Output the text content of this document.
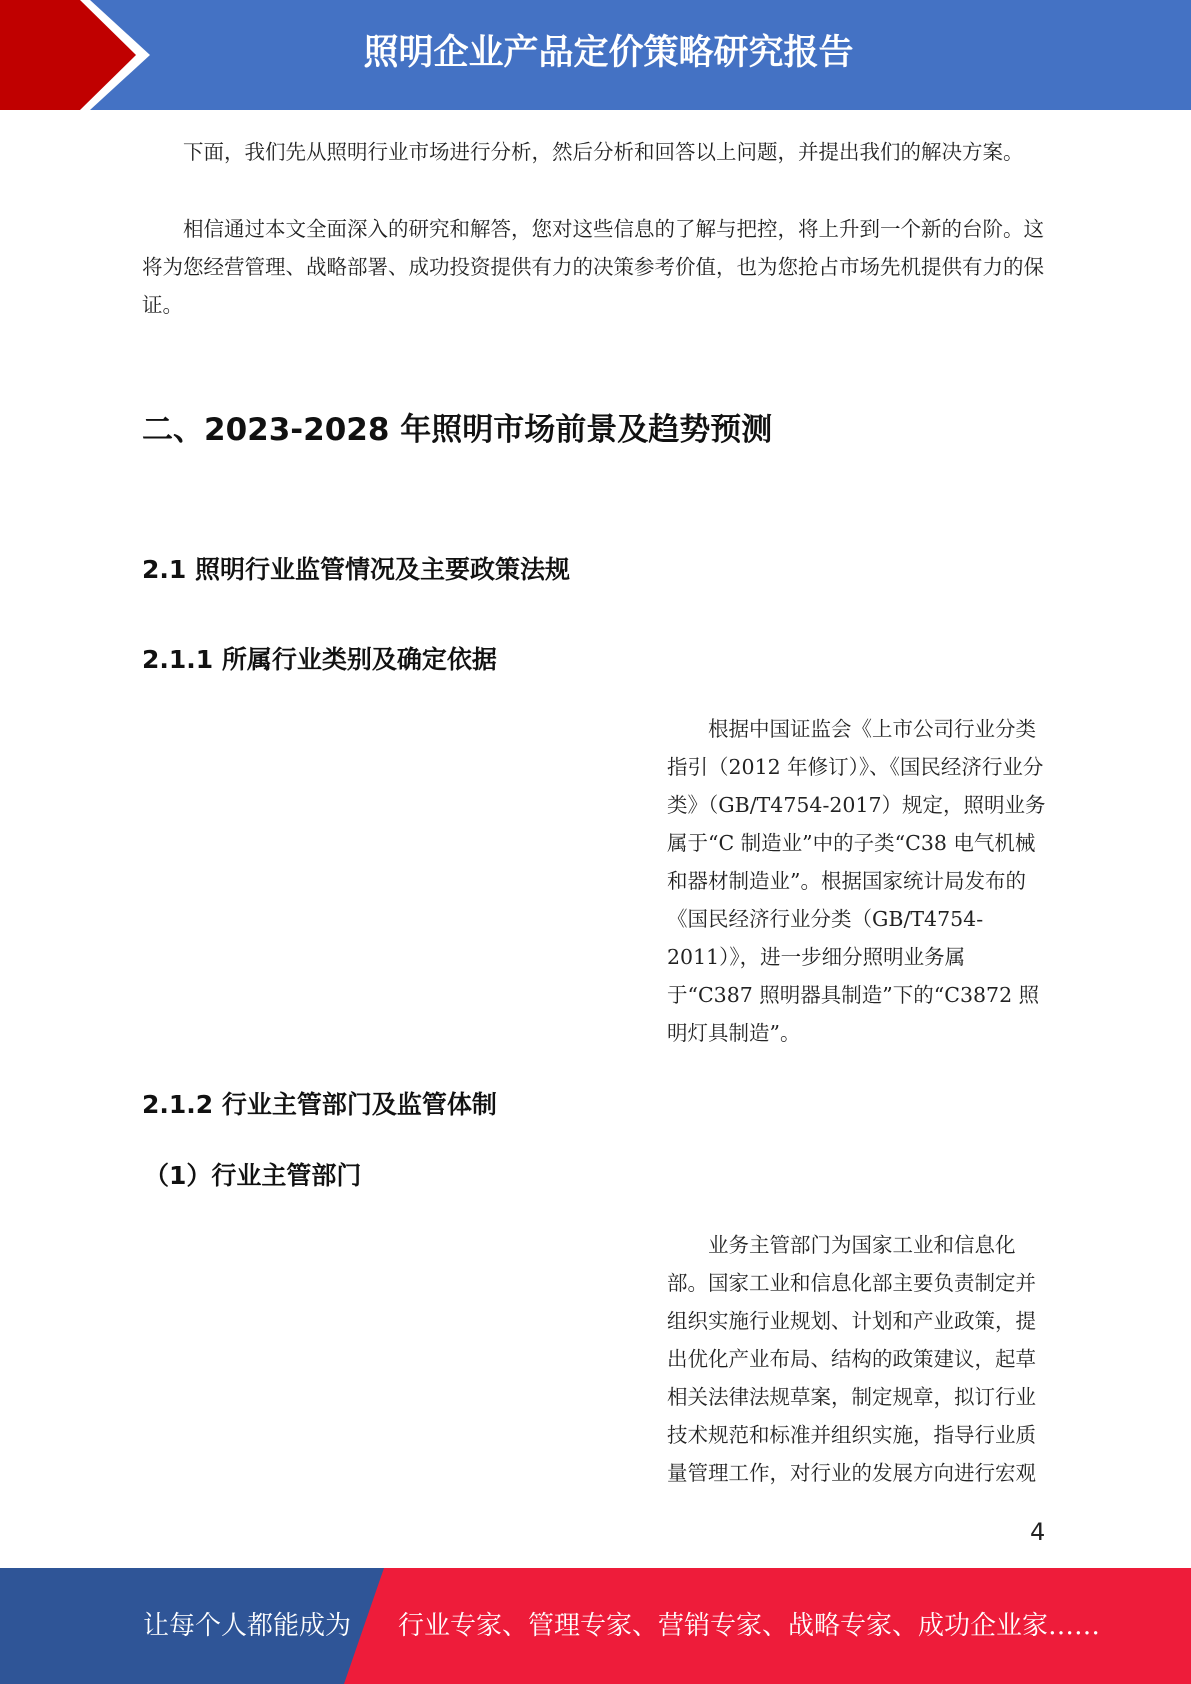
照明企业产品定价策略研究报告

下面，我们先从照明行业市场进行分析，然后分析和回答以上问题，并提出我们的解决方案。

相信通过本文全面深入的研究和解答，您对这些信息的了解与把控，将上升到一个新的台阶。这将为您经营管理、战略部署、成功投资提供有力的决策参考价值，也为您抢占市场先机提供有力的保证。

二、2023-2028 年照明市场前景及趋势预测
2.1 照明行业监管情况及主要政策法规
2.1.1 所属行业类别及确定依据

根据中国证监会《上市公司行业分类指引（2012 年修订）》、《国民经济行业分类》（GB/T4754-2017）规定，照明业务属于“C 制造业”中的子类“C38 电气机械和器材制造业”。根据国家统计局发布的《国民经济行业分类（GB/T4754-2011）》，进一步细分照明业务属于“C387 照明器具制造”下的“C3872 照明灯具制造”。

2.1.2 行业主管部门及监管体制
（1）行业主管部门

业务主管部门为国家工业和信息化部。国家工业和信息化部主要负责制定并组织实施行业规划、计划和产业政策，提出优化产业布局、结构的政策建议，起草相关法律法规草案，制定规章，拟订行业技术规范和标准并组织实施，指导行业质量管理工作，对行业的发展方向进行宏观

4
让每个人都能成为 行业专家、管理专家、营销专家、战略专家、成功企业家……
